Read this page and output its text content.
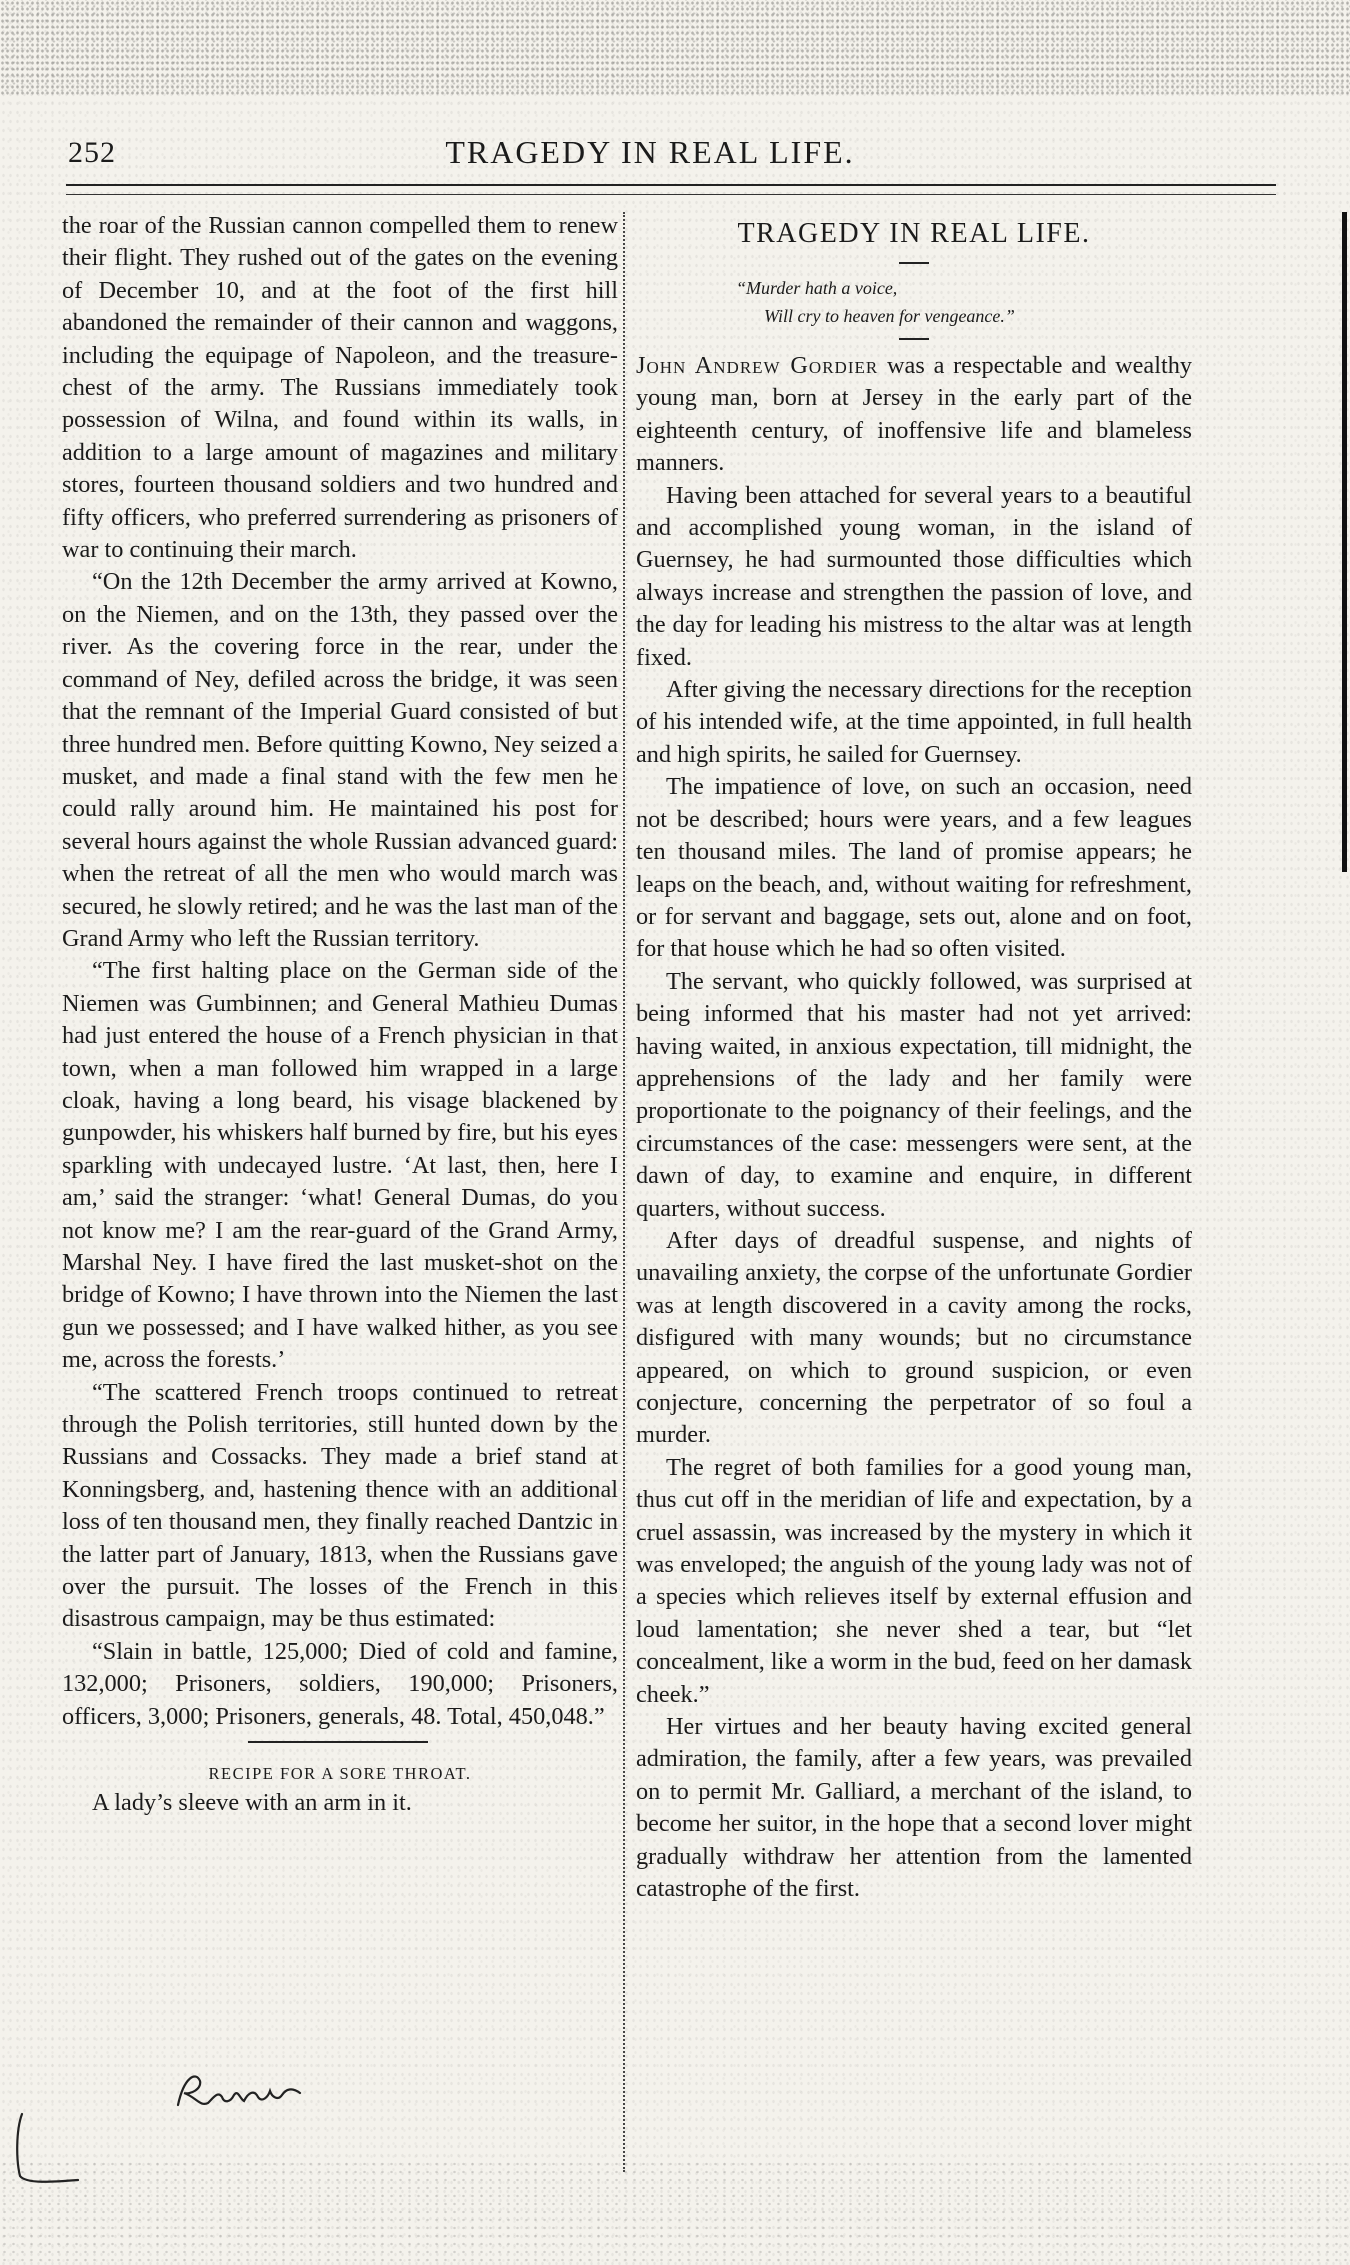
252	TRAGEDY IN REAL LIFE.

the roar of the Russian cannon compelled them to renew their flight. They rushed out of the gates on the evening of December 10, and at the foot of the first hill abandoned the remainder of their cannon and waggons, including the equipage of Napoleon, and the treasure-chest of the army. The Russians immediately took possession of Wilna, and found within its walls, in addition to a large amount of magazines and military stores, fourteen thousand soldiers and two hundred and fifty officers, who preferred surrendering as prisoners of war to continuing their march.

“On the 12th December the army arrived at Kowno, on the Niemen, and on the 13th, they passed over the river. As the covering force in the rear, under the command of Ney, defiled across the bridge, it was seen that the remnant of the Imperial Guard consisted of but three hundred men. Before quitting Kowno, Ney seized a musket, and made a final stand with the few men he could rally around him. He maintained his post for several hours against the whole Russian advanced guard: when the retreat of all the men who would march was secured, he slowly retired; and he was the last man of the Grand Army who left the Russian territory.

“The first halting place on the German side of the Niemen was Gumbinnen; and General Mathieu Dumas had just entered the house of a French physician in that town, when a man followed him wrapped in a large cloak, having a long beard, his visage blackened by gunpowder, his whiskers half burned by fire, but his eyes sparkling with undecayed lustre. ‘At last, then, here I am,’ said the stranger: ‘what! General Dumas, do you not know me? I am the rear-guard of the Grand Army, Marshal Ney. I have fired the last musket-shot on the bridge of Kowno; I have thrown into the Niemen the last gun we possessed; and I have walked hither, as you see me, across the forests.’

“The scattered French troops continued to retreat through the Polish territories, still hunted down by the Russians and Cossacks. They made a brief stand at Konningsberg, and, hastening thence with an additional loss of ten thousand men, they finally reached Dantzic in the latter part of January, 1813, when the Russians gave over the pursuit. The losses of the French in this disastrous campaign, may be thus estimated:

“Slain in battle, 125,000; Died of cold and famine, 132,000; Prisoners, soldiers, 190,000; Prisoners, officers, 3,000; Prisoners, generals, 48. Total, 450,048.”

RECIPE FOR A SORE THROAT.
A lady’s sleeve with an arm in it.
TRAGEDY IN REAL LIFE.
“Murder hath a voice,
Will cry to heaven for vengeance.”

John Andrew Gordier was a respectable and wealthy young man, born at Jersey in the early part of the eighteenth century, of inoffensive life and blameless manners.

Having been attached for several years to a beautiful and accomplished young woman, in the island of Guernsey, he had surmounted those difficulties which always increase and strengthen the passion of love, and the day for leading his mistress to the altar was at length fixed.

After giving the necessary directions for the reception of his intended wife, at the time appointed, in full health and high spirits, he sailed for Guernsey.

The impatience of love, on such an occasion, need not be described; hours were years, and a few leagues ten thousand miles. The land of promise appears; he leaps on the beach, and, without waiting for refreshment, or for servant and baggage, sets out, alone and on foot, for that house which he had so often visited.

The servant, who quickly followed, was surprised at being informed that his master had not yet arrived: having waited, in anxious expectation, till midnight, the apprehensions of the lady and her family were proportionate to the poignancy of their feelings, and the circumstances of the case: messengers were sent, at the dawn of day, to examine and enquire, in different quarters, without success.

After days of dreadful suspense, and nights of unavailing anxiety, the corpse of the unfortunate Gordier was at length discovered in a cavity among the rocks, disfigured with many wounds; but no circumstance appeared, on which to ground suspicion, or even conjecture, concerning the perpetrator of so foul a murder.

The regret of both families for a good young man, thus cut off in the meridian of life and expectation, by a cruel assassin, was increased by the mystery in which it was enveloped; the anguish of the young lady was not of a species which relieves itself by external effusion and loud lamentation; she never shed a tear, but “let concealment, like a worm in the bud, feed on her damask cheek.”

Her virtues and her beauty having excited general admiration, the family, after a few years, was prevailed on to permit Mr. Galliard, a merchant of the island, to become her suitor, in the hope that a second lover might gradually withdraw her attention from the lamented catastrophe of the first.
